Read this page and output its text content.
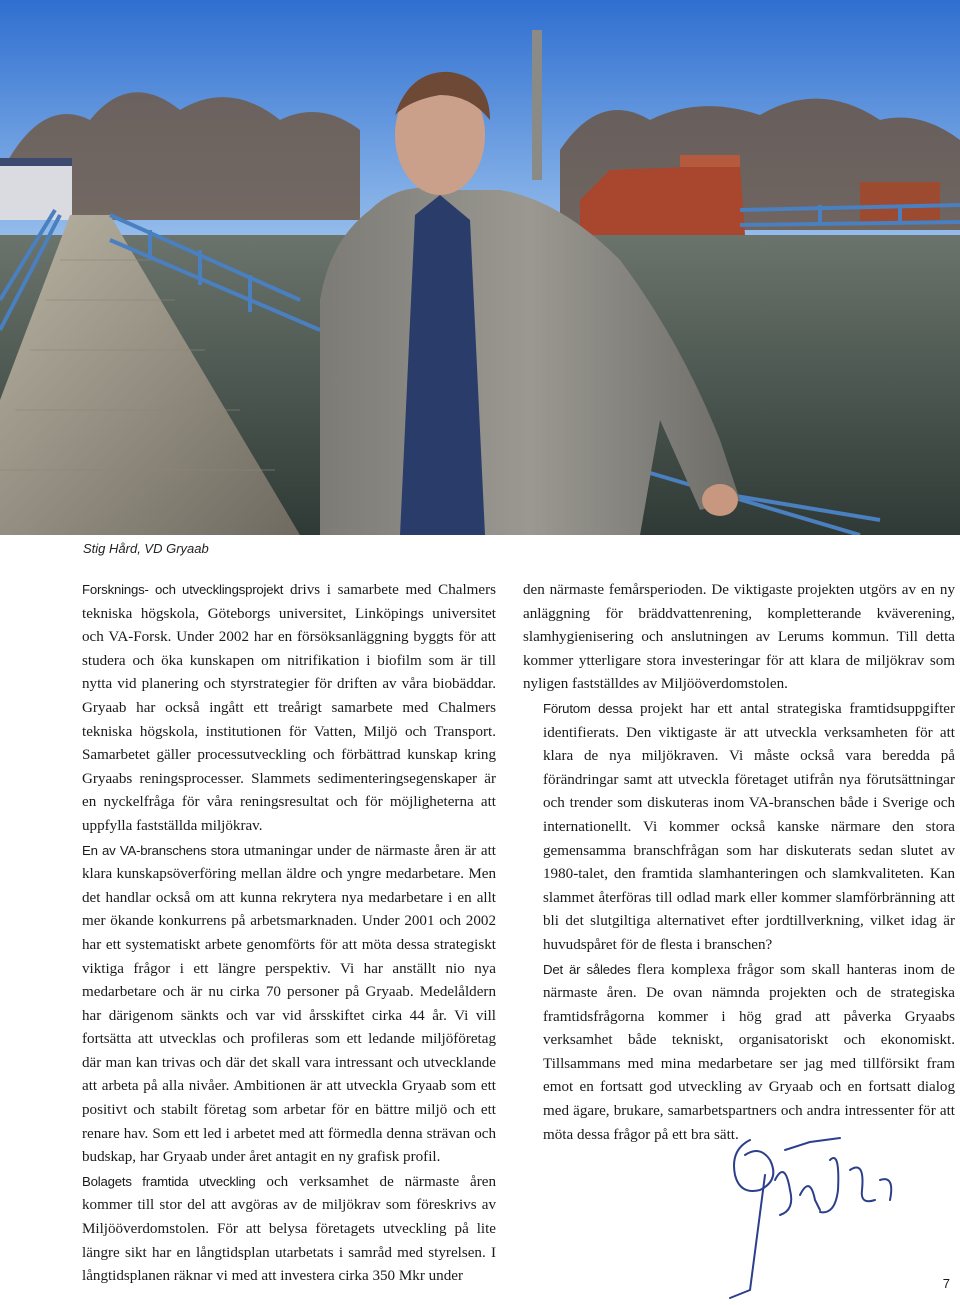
Stig Hård, VD Gryaab

Forsknings- och utvecklingsprojekt drivs i samarbete med Chalmers tekniska högskola, Göteborgs universitet, Linköpings universitet och VA-Forsk. Under 2002 har en försöksanläggning byggts för att studera och öka kunskapen om nitrifikation i biofilm som är till nytta vid planering och styrstrategier för driften av våra biobäddar. Gryaab har också ingått ett treårigt samarbete med Chalmers tekniska högskola, institutionen för Vatten, Miljö och Transport. Samarbetet gäller processutveckling och förbättrad kunskap kring Gryaabs reningsprocesser. Slammets sedimenteringsegenskaper är en nyckelfråga för våra reningsresultat och för möjligheterna att uppfylla fastställda miljökrav.

En av VA-branschens stora utmaningar under de närmaste åren är att klara kunskapsöverföring mellan äldre och yngre medarbetare. Men det handlar också om att kunna rekrytera nya medarbetare i en allt mer ökande konkurrens på arbetsmarknaden. Under 2001 och 2002 har ett systematiskt arbete genomförts för att möta dessa strategiskt viktiga frågor i ett längre perspektiv. Vi har anställt nio nya medarbetare och är nu cirka 70 personer på Gryaab. Medelåldern har därigenom sänkts och var vid årsskiftet cirka 44 år. Vi vill fortsätta att utvecklas och profileras som ett ledande miljöföretag där man kan trivas och där det skall vara intressant och utvecklande att arbeta på alla nivåer. Ambitionen är att utveckla Gryaab som ett positivt och stabilt företag som arbetar för en bättre miljö och ett renare hav. Som ett led i arbetet med att förmedla denna strävan och budskap, har Gryaab under året antagit en ny grafisk profil.

Bolagets framtida utveckling och verksamhet de närmaste åren kommer till stor del att avgöras av de miljökrav som föreskrivs av Miljööverdomstolen. För att belysa företagets utveckling på lite längre sikt har en långtidsplan utarbetats i samråd med styrelsen. I långtidsplanen räknar vi med att investera cirka 350 Mkr under

den närmaste femårsperioden. De viktigaste projekten utgörs av en ny anläggning för bräddvattenrening, kompletterande kväverening, slamhygienisering och anslutningen av Lerums kommun. Till detta kommer ytterligare stora investeringar för att klara de miljökrav som nyligen fastställdes av Miljööverdomstolen.

Förutom dessa projekt har ett antal strategiska framtidsuppgifter identifierats. Den viktigaste är att utveckla verksamheten för att klara de nya miljökraven. Vi måste också vara beredda på förändringar samt att utveckla företaget utifrån nya förutsättningar och trender som diskuteras inom VA-branschen både i Sverige och internationellt. Vi kommer också kanske närmare den stora gemensamma branschfrågan som har diskuterats sedan slutet av 1980-talet, den framtida slamhanteringen och slamkvaliteten. Kan slammet återföras till odlad mark eller kommer slamförbränning att bli det slutgiltiga alternativet efter jordtillverkning, vilket idag är huvudspåret för de flesta i branschen?

Det är således flera komplexa frågor som skall hanteras inom de närmaste åren. De ovan nämnda projekten och de strategiska framtidsfrågorna kommer i hög grad att påverka Gryaabs verksamhet både tekniskt, organisatoriskt och ekonomiskt. Tillsammans med mina medarbetare ser jag med tillförsikt fram emot en fortsatt god utveckling av Gryaab och en fortsatt dialog med ägare, brukare, samarbetspartners och andra intressenter för att möta dessa frågor på ett bra sätt.

7
